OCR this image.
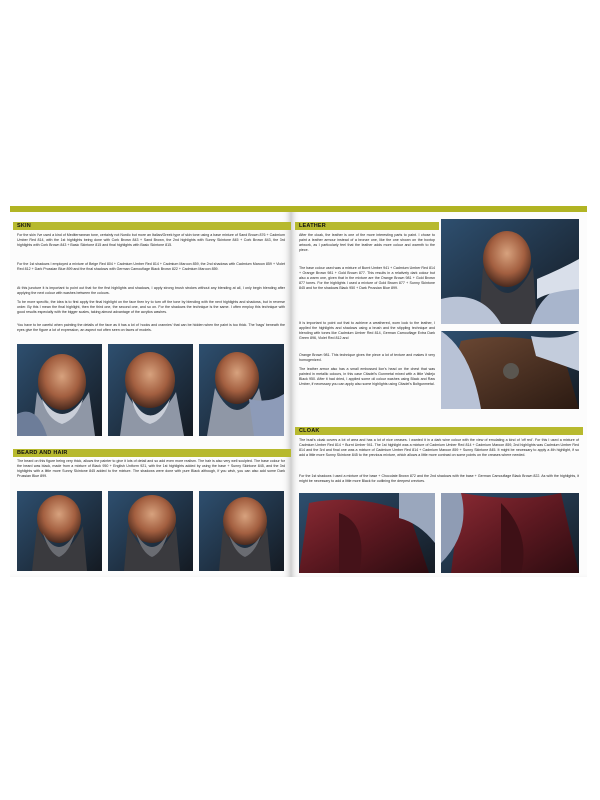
SKIN

For the skin I've used a kind of Mediterranean tone, certainly not Nordic but more an Italian/Greek type of skin tone using a base mixture of Sand Brown 876 + Cadmium Umber Red 814, with the 1st highlights being done with Cork Brown 843 + Sand Brown, the 2nd highlights with Sunny Skintone 845 + Cork Brown 843, the 3rd highlights with Cork Brown 843 + Basic Skintone 815 and final highlights with Basic Skintone 815.

For the 1st shadows I employed a mixture of Beige Red 804 + Cadmium Umber Red 814 + Cadmium Maroon 859, the 2nd shadows with Cadmium Maroon 859 + Violet Red 812 + Dark Prussian Blue 899 and the final shadows with German Camouflage Black Brown 822 + Cadmium Maroon 859.

At this juncture it is important to point out that for the first highlights and shadows, I apply strong brush strokes without any blending at all, I only begin blending after applying the next colour with washes between the colours.

To be more specific, the idea is to first apply the final highlight on the face then try to turn off the tone by blending with the next highlights and shadows, but in reverse order. By this I mean the final highlight, then the third one, the second one, and so on. For the shadows the technique is the same. I often employ this technique with good results especially with the bigger scales, taking almost advantage of the acrylics washes.

You have to be careful when painting the details of the face as it has a lot of 'nooks and crannies' that can be hidden when the paint is too thick. The 'bags' beneath the eyes give the figure a lot of expression, an aspect not often seen on faces of models.

BEARD AND HAIR

The beard on this figure being very thick, allows the painter to give it lots of detail and so add even more realism. The hair is also very well sculpted. The base colour for the beard was black, made from a mixture of Black 950 + English Uniform 921, with the 1st highlights added by using the base + Sunny Skintone 845, and the 3rd highlights with a little more Sunny Skintone 845 added to the mixture. The shadows were done with pure Black although, if you wish, you can also add some Dark Prussian Blue 899.

LEATHER

After the cloak, the leather is one of the more interesting parts to paint. I chose to paint a leather armour instead of a bronze one, like the one shown on the boxtop artwork, as I particularly feel that the leather adds more colour and warmth to the piece.

The base colour used was a mixture of Burnt Umber 941 + Cadmium Umber Red 814 + Orange Brown 981 + Gold Brown 877. This results in a relatively dark colour but also a warm one, given that in the mixture are the Orange Brown 981 + Gold Brown 877 tones. For the highlights I used a mixture of Gold Brown 877 + Sunny Skintone 845 and for the shadows Black 950 + Dark Prussian Blue 899.

It is important to point out that to achieve a weathered, worn look to the leather, I applied the highlights and shadows using a brush and the stippling technique and blending with tones like Cadmium Umber Red 814, German Camouflage Extra Dark Green 896, Violet Red 812 and

Orange Brown 981. This technique gives the piece a lot of texture and makes it very homogenized.

The leather armor also has a small embossed lion's head on the chest that was painted in metallic colours, in this case Citadel's Gunmetal mixed with a little Vallejo Black 950. After it had dried, I applied some oil colour washes using Black and Raw Umber, if necessary you can apply also some highlights using Citadel's Boltgunmetal.

CLOAK

The bust's cloak covers a lot of area and has a lot of nice creases. I wanted it in a dark wine colour with the view of emulating a kind of 'off red'. For this I used a mixture of Cadmium Umber Red 814 + Burnt Umber 941. The 1st highlight was a mixture of Cadmium Umber Red 814 + Cadmium Maroon 859, 2nd highlights was Cadmium Umber Red 814 and the 3rd and final one was a mixture of Cadmium Umber Red 814 + Cadmium Maroon 859 + Sunny Skintone 845. It might be necessary to apply a 4th highlight, if so add a little more Sunny Skintone 845 to the previous mixture, which allows a little more contrast on some points on the creases where needed.

For the 1st shadows I used a mixture of the base + Chocolate Brown 872 and the 2nd shadows with the base + German Camouflage Black Brown 822. As with the highlights, it might be necessary to add a little more Black for outlining the deepest crevices.
